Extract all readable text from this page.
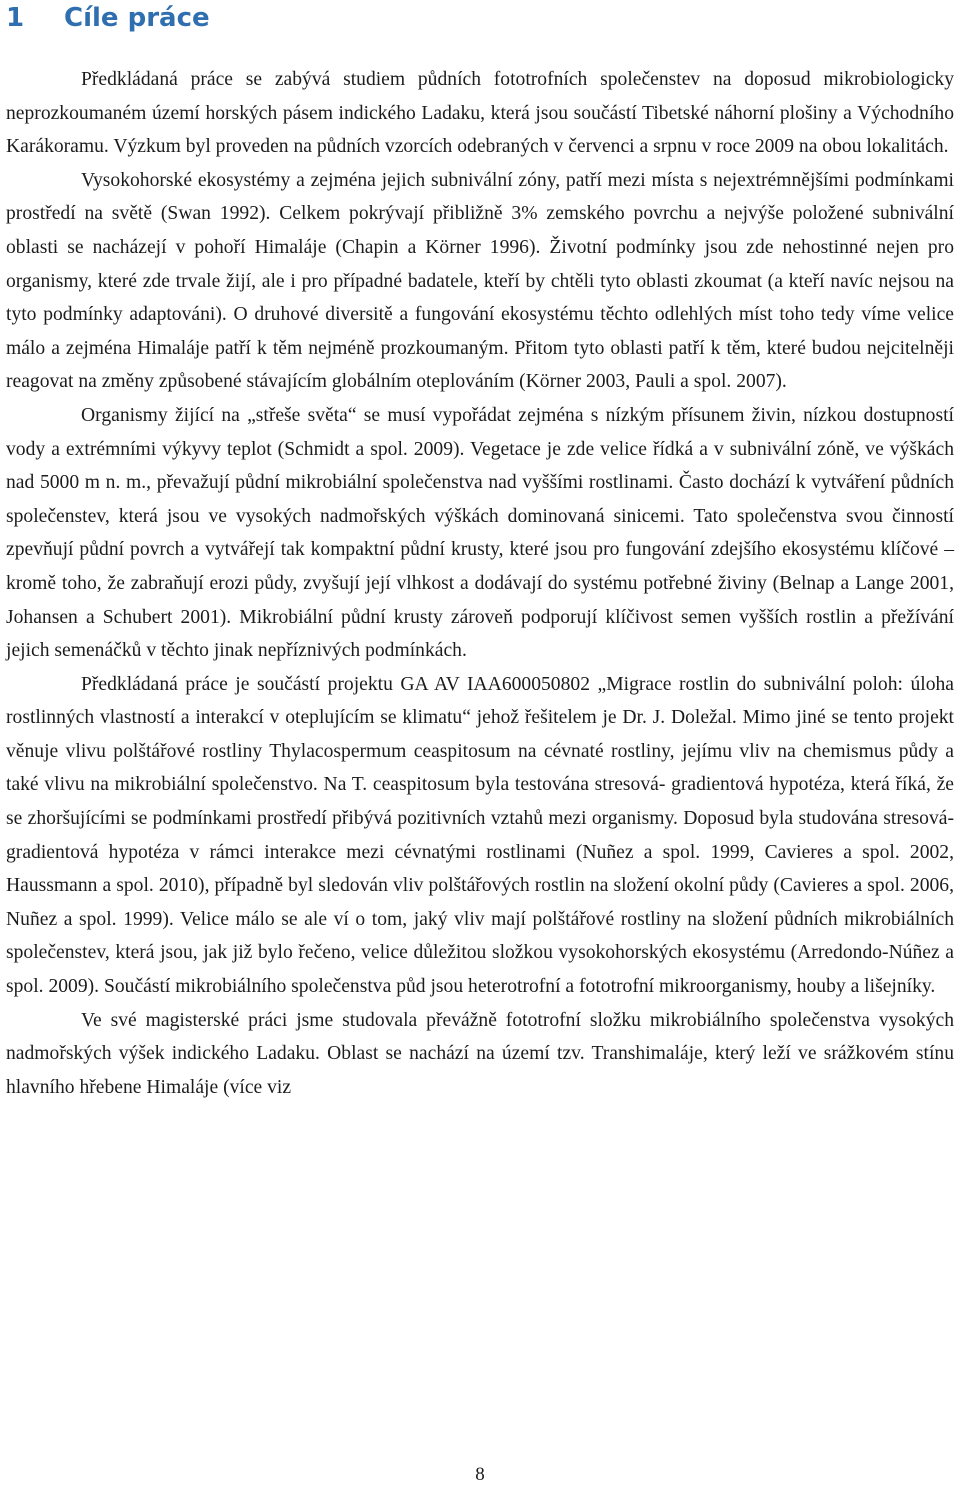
1 Cíle práce

Předkládaná práce se zabývá studiem půdních fototrofních společenstev na doposud mikrobiologicky neprozkoumaném území horských pásem indického Ladaku, která jsou součástí Tibetské náhorní plošiny a Východního Karákoramu. Výzkum byl proveden na půdních vzorcích odebraných v červenci a srpnu v roce 2009 na obou lokalitách.

Vysokohorské ekosystémy a zejména jejich subnivální zóny, patří mezi místa s nejextrémnějšími podmínkami prostředí na světě (Swan 1992). Celkem pokrývají přibližně 3% zemského povrchu a nejvýše položené subnivální oblasti se nacházejí v pohoří Himaláje (Chapin a Körner 1996). Životní podmínky jsou zde nehostinné nejen pro organismy, které zde trvale žijí, ale i pro případné badatele, kteří by chtěli tyto oblasti zkoumat (a kteří navíc nejsou na tyto podmínky adaptováni). O druhové diversitě a fungování ekosystému těchto odlehlých míst toho tedy víme velice málo a zejména Himaláje patří k těm nejméně prozkoumaným. Přitom tyto oblasti patří k těm, které budou nejcitelněji reagovat na změny způsobené stávajícím globálním oteplováním (Körner 2003, Pauli a spol. 2007).

Organismy žijící na „střeše světa“ se musí vypořádat zejména s nízkým přísunem živin, nízkou dostupností vody a extrémními výkyvy teplot (Schmidt a spol. 2009). Vegetace je zde velice řídká a v subnivální zóně, ve výškách nad 5000 m n. m., převažují půdní mikrobiální společenstva nad vyššími rostlinami. Často dochází k vytváření půdních společenstev, která jsou ve vysokých nadmořských výškách dominovaná sinicemi. Tato společenstva svou činností zpevňují půdní povrch a vytvářejí tak kompaktní půdní krusty, které jsou pro fungování zdejšího ekosystému klíčové – kromě toho, že zabraňují erozi půdy, zvyšují její vlhkost a dodávají do systému potřebné živiny (Belnap a Lange 2001, Johansen a Schubert 2001). Mikrobiální půdní krusty zároveň podporují klíčivost semen vyšších rostlin a přežívání jejich semenáčků v těchto jinak nepříznivých podmínkách.

Předkládaná práce je součástí projektu GA AV IAA600050802 „Migrace rostlin do subnivální poloh: úloha rostlinných vlastností a interakcí v oteplujícím se klimatu“ jehož řešitelem je Dr. J. Doležal. Mimo jiné se tento projekt věnuje vlivu polštářové rostliny Thylacospermum ceaspitosum na cévnaté rostliny, jejímu vliv na chemismus půdy a také vlivu na mikrobiální společenstvo. Na T. ceaspitosum byla testována stresová- gradientová hypotéza, která říká, že se zhoršujícími se podmínkami prostředí přibývá pozitivních vztahů mezi organismy. Doposud byla studována stresová-gradientová hypotéza v rámci interakce mezi cévnatými rostlinami (Nuñez a spol. 1999, Cavieres a spol. 2002, Haussmann a spol. 2010), případně byl sledován vliv polštářových rostlin na složení okolní půdy (Cavieres a spol. 2006, Nuñez a spol. 1999). Velice málo se ale ví o tom, jaký vliv mají polštářové rostliny na složení půdních mikrobiálních společenstev, která jsou, jak již bylo řečeno, velice důležitou složkou vysokohorských ekosystému (Arredondo-Núñez a spol. 2009). Součástí mikrobiálního společenstva půd jsou heterotrofní a fototrofní mikroorganismy, houby a lišejníky.

Ve své magisterské práci jsme studovala převážně fototrofní složku mikrobiálního společenstva vysokých nadmořských výšek indického Ladaku. Oblast se nachází na území tzv. Transhimaláje, který leží ve srážkovém stínu hlavního hřebene Himaláje (více viz

8
